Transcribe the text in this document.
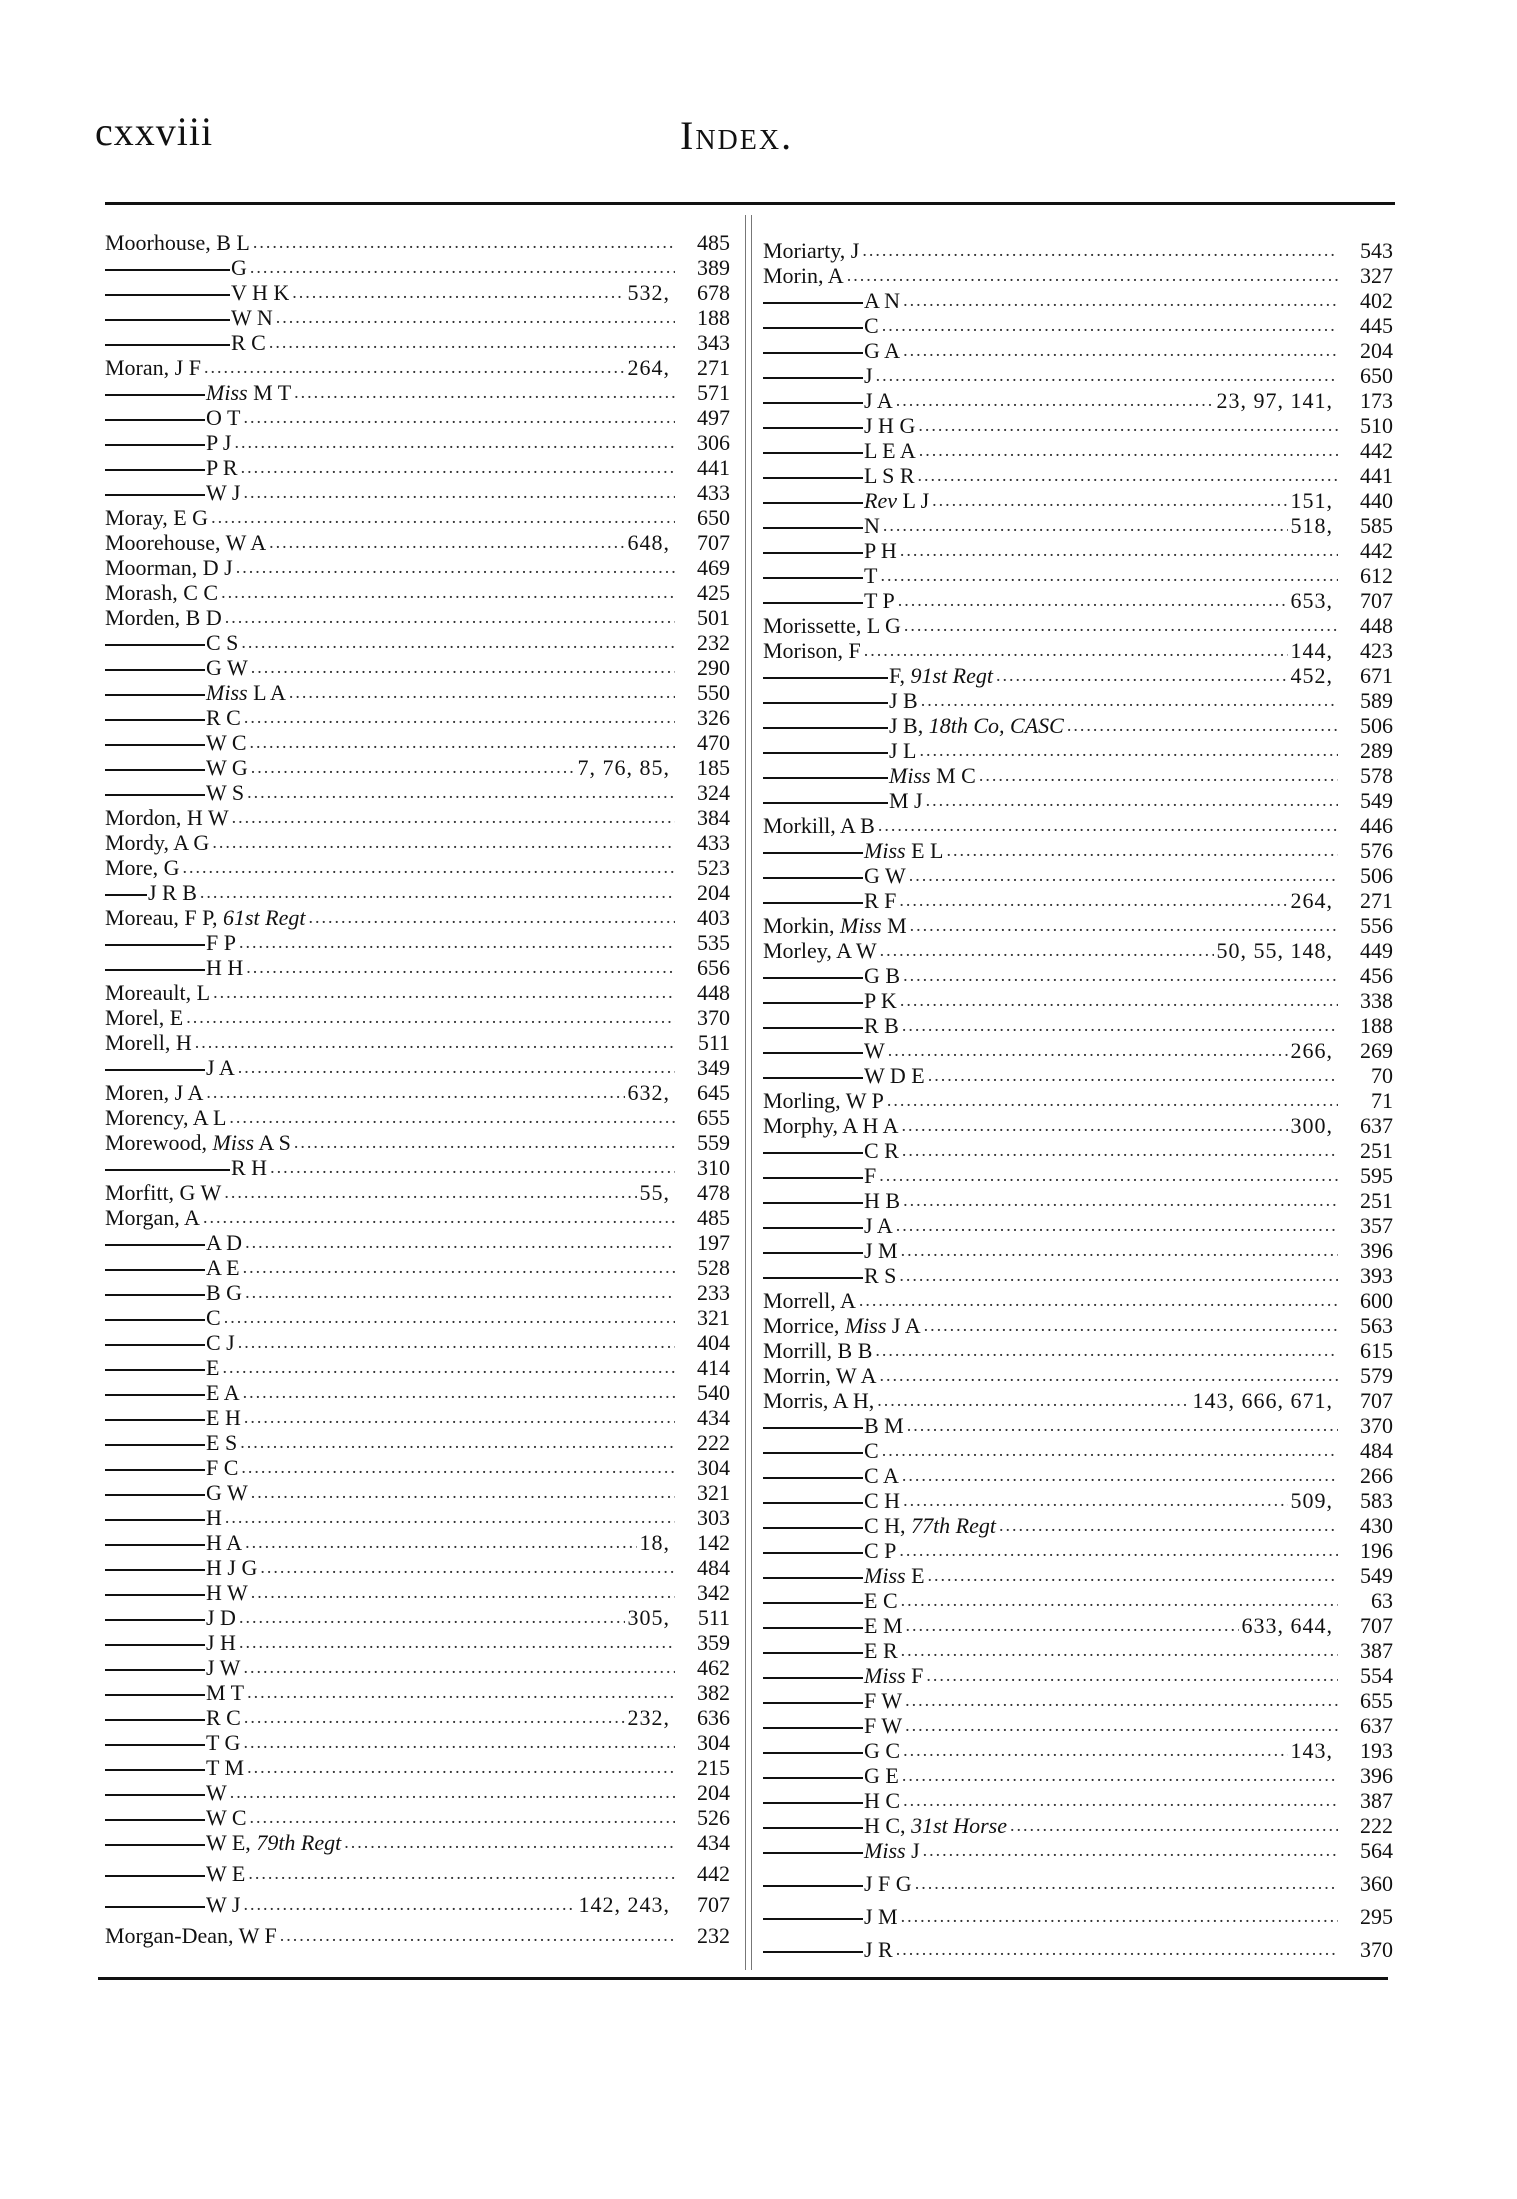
cxxviii	Index.
Moorhouse, B L .....	485
G .....	389
V H K .....	532,	678
W N .....	188
R C .....	343
Moran, J F .....	264,	271
Miss M T .....	571
O T .....	497
P J .....	306
P R .....	441
W J .....	433
Moray, E G .....	650
Moorehouse, W A .....	648,	707
Moorman, D J .....	469
Morash, C C .....	425
Morden, B D .....	501
C S .....	232
G W .....	290
Miss L A .....	550
R C .....	326
W C .....	470
W G .....	7, 76, 85,	185
W S .....	324
Mordon, H W .....	384
Mordy, A G .....	433
More, G .....	523
J R B .....	204
Moreau, F P, 61st Regt .....	403
F P .....	535
H H .....	656
Moreault, L .....	448
Morel, E .....	370
Morell, H .....	511
J A .....	349
Moren, J A .....	632,	645
Morency, A L .....	655
Morewood, Miss A S .....	559
R H .....	310
Morfitt, G W .....	55,	478
Morgan, A .....	485
A D .....	197
A E .....	528
B G .....	233
C .....	321
C J .....	404
E .....	414
E A .....	540
E H .....	434
E S .....	222
F C .....	304
G W .....	321
H .....	303
H A .....	18,	142
H J G .....	484
H W .....	342
J D .....	305,	511
J H .....	359
J W .....	462
M T .....	382
R C .....	232,	636
T G .....	304
T M .....	215
W .....	204
W C .....	526
W E, 79th Regt .....	434
W E .....	442
W J .....	142, 243,	707
Morgan-Dean, W F .....	232
Moriarty, J .....	543
Morin, A .....	327
A N .....	402
C .....	445
G A .....	204
J .....	650
J A .....	23, 97, 141,	173
J H G .....	510
L E A .....	442
L S R .....	441
Rev L J .....	151,	440
N .....	518,	585
P H .....	442
T .....	612
T P .....	653,	707
Morissette, L G .....	448
Morison, F .....	144,	423
F, 91st Regt .....	452,	671
J B .....	589
J B, 18th Co, CASC .....	506
J L .....	289
Miss M C .....	578
M J .....	549
Morkill, A B .....	446
Miss E L .....	576
G W .....	506
R F .....	264,	271
Morkin, Miss M .....	556
Morley, A W .....	50, 55, 148,	449
G B .....	456
P K .....	338
R B .....	188
W .....	266,	269
W D E .....	70
Morling, W P .....	71
Morphy, A H A .....	300,	637
C R .....	251
F .....	595
H B .....	251
J A .....	357
J M .....	396
R S .....	393
Morrell, A .....	600
Morrice, Miss J A .....	563
Morrill, B B .....	615
Morrin, W A .....	579
Morris, A H, .....	143, 666, 671,	707
B M .....	370
C .....	484
C A .....	266
C H .....	509,	583
C H, 77th Regt .....	430
C P .....	196
Miss E .....	549
E C .....	63
E M .....	633, 644,	707
E R .....	387
Miss F .....	554
F W .....	655
F W .....	637
G C .....	143,	193
G E .....	396
H C .....	387
H C, 31st Horse .....	222
Miss J .....	564
J F G .....	360
J M .....	295
J R .....	370
